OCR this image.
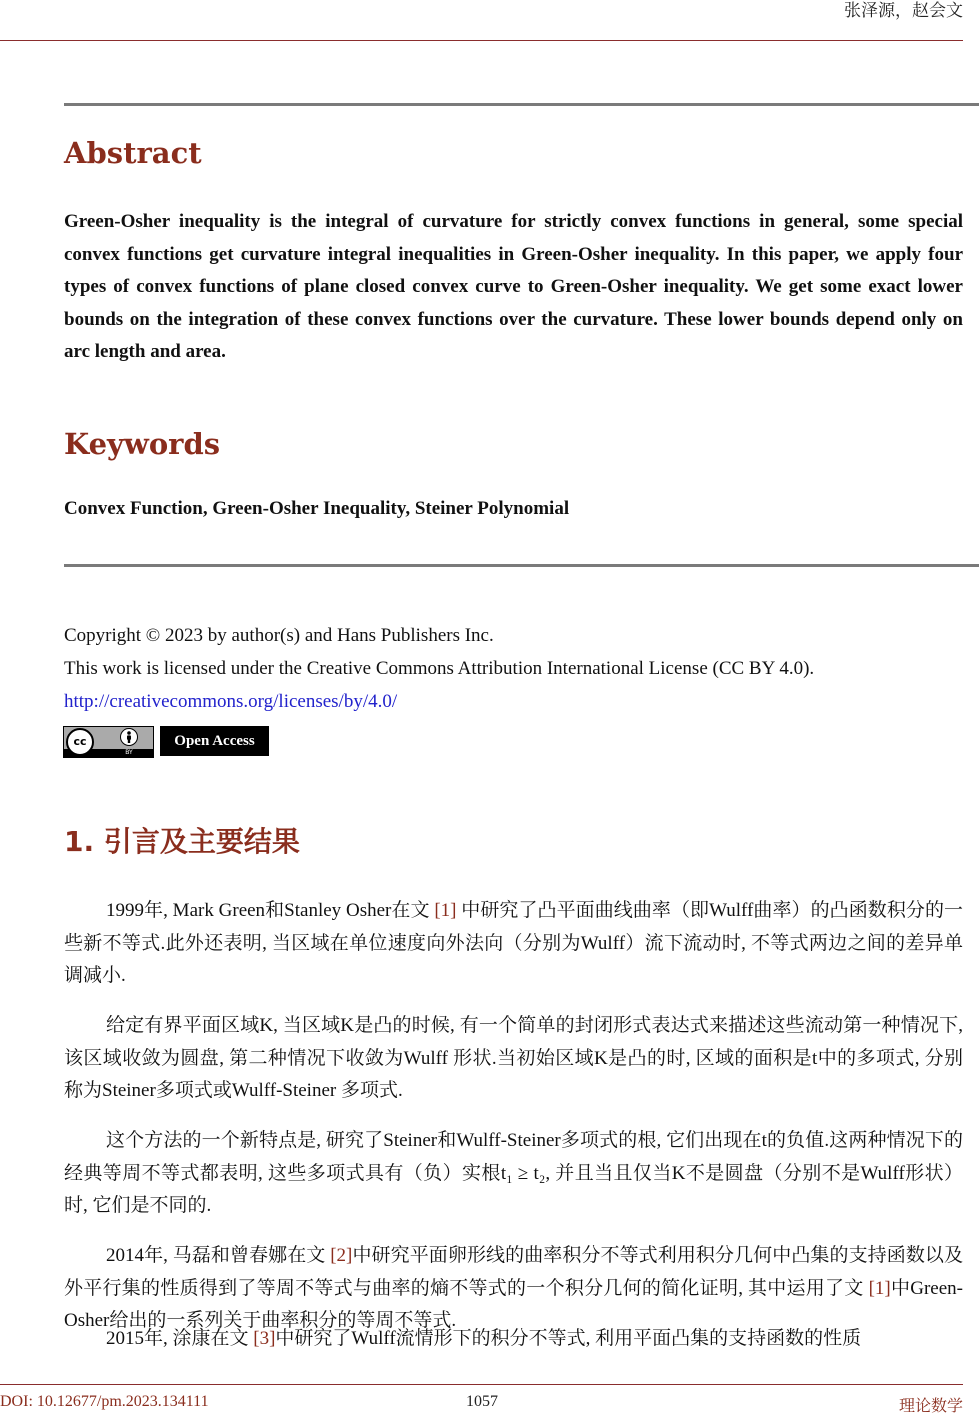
张泽源，赵会文
Abstract

Green-Osher inequality is the integral of curvature for strictly convex functions in general, some special convex functions get curvature integral inequalities in Green-Osher inequality. In this paper, we apply four types of convex functions of plane closed convex curve to Green-Osher inequality. We get some exact lower bounds on the integration of these convex functions over the curvature. These lower bounds depend only on arc length and area.

Keywords

Convex Function, Green-Osher Inequality, Steiner Polynomial

Copyright © 2023 by author(s) and Hans Publishers Inc.

This work is licensed under the Creative Commons Attribution International License (CC BY 4.0).

http://creativecommons.org/licenses/by/4.0/

cc
BY
Open Access
1. 引言及主要结果

1999年, Mark Green和Stanley Osher在文 [1] 中研究了凸平面曲线曲率（即Wulff曲率）的凸函数积分的一些新不等式.此外还表明, 当区域在单位速度向外法向（分别为Wulff）流下流动时, 不等式两边之间的差异单调减小.

给定有界平面区域K, 当区域K是凸的时候, 有一个简单的封闭形式表达式来描述这些流动第一种情况下, 该区域收敛为圆盘, 第二种情况下收敛为Wulff 形状.当初始区域K是凸的时, 区域的面积是t中的多项式, 分别称为Steiner多项式或Wulff-Steiner 多项式.

这个方法的一个新特点是, 研究了Steiner和Wulff-Steiner多项式的根, 它们出现在t的负值.这两种情况下的经典等周不等式都表明, 这些多项式具有（负）实根t₁ ≥ t₂, 并且当且仅当K不是圆盘（分别不是Wulff形状）时, 它们是不同的.

2014年, 马磊和曾春娜在文 [2]中研究平面卵形线的曲率积分不等式利用积分几何中凸集的支持函数以及外平行集的性质得到了等周不等式与曲率的熵不等式的一个积分几何的简化证明, 其中运用了文 [1]中Green-Osher给出的一系列关于曲率积分的等周不等式.

2015年, 涂康在文 [3]中研究了Wulff流情形下的积分不等式, 利用平面凸集的支持函数的性质

DOI: 10.12677/pm.2023.134111	1057	理论数学
